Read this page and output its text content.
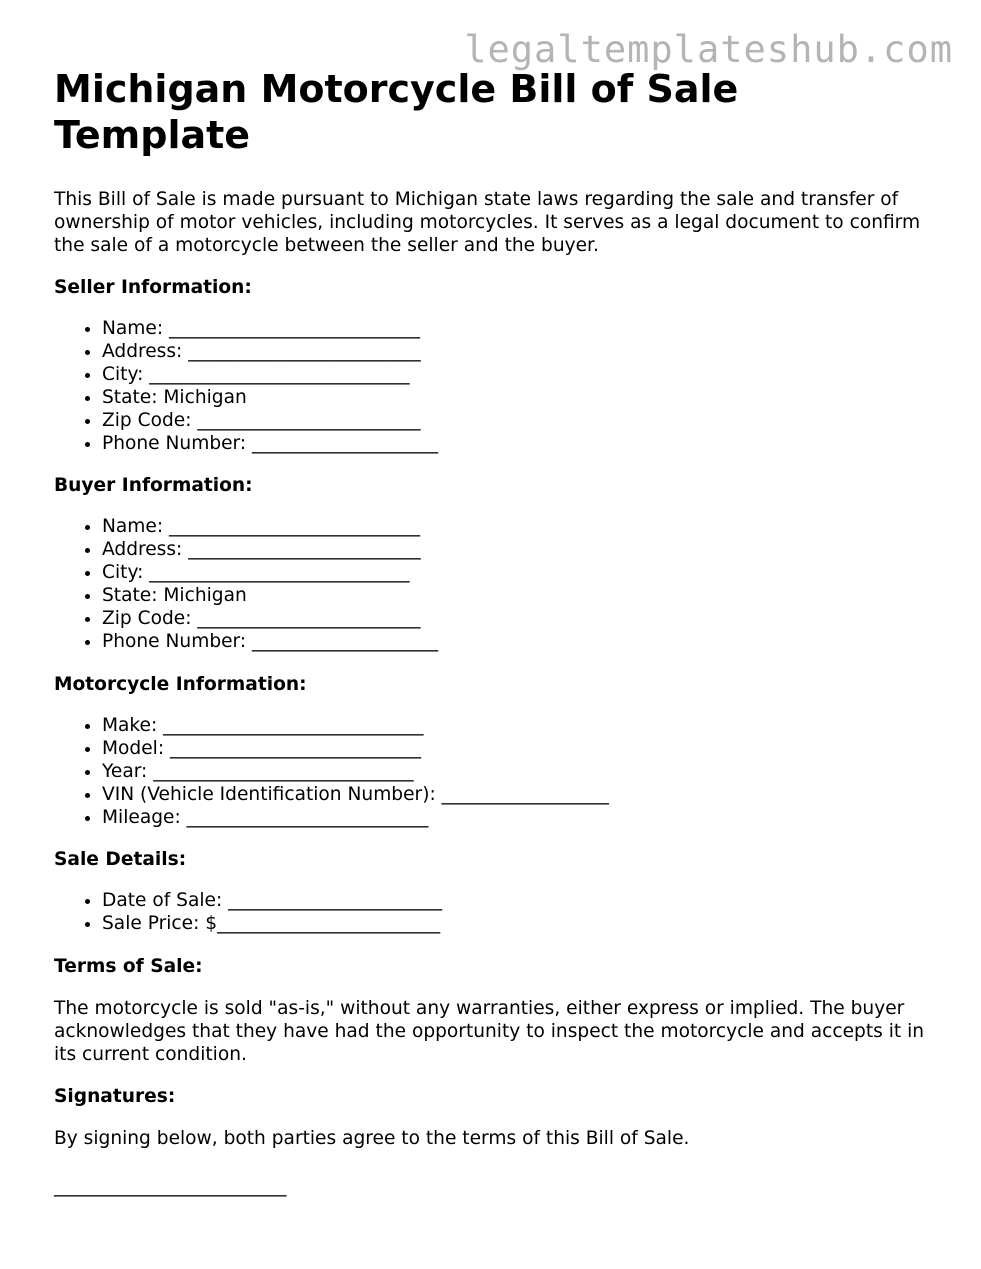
legaltemplateshub.com
Michigan Motorcycle Bill of Sale Template

This Bill of Sale is made pursuant to Michigan state laws regarding the sale and transfer of ownership of motor vehicles, including motorcycles. It serves as a legal document to confirm the sale of a motorcycle between the seller and the buyer.

Seller Information:
• Name: ___________________________
• Address: _________________________
• City: ____________________________
• State: Michigan
• Zip Code: ________________________
• Phone Number: ____________________
Buyer Information:
• Name: ___________________________
• Address: _________________________
• City: ____________________________
• State: Michigan
• Zip Code: ________________________
• Phone Number: ____________________
Motorcycle Information:
• Make: ____________________________
• Model: ___________________________
• Year: ____________________________
• VIN (Vehicle Identification Number): __________________
• Mileage: __________________________
Sale Details:
• Date of Sale: _______________________
• Sale Price: $________________________
Terms of Sale:

The motorcycle is sold "as-is," without any warranties, either express or implied. The buyer acknowledges that they have had the opportunity to inspect the motorcycle and accepts it in its current condition.

Signatures:

By signing below, both parties agree to the terms of this Bill of Sale.

_________________________
